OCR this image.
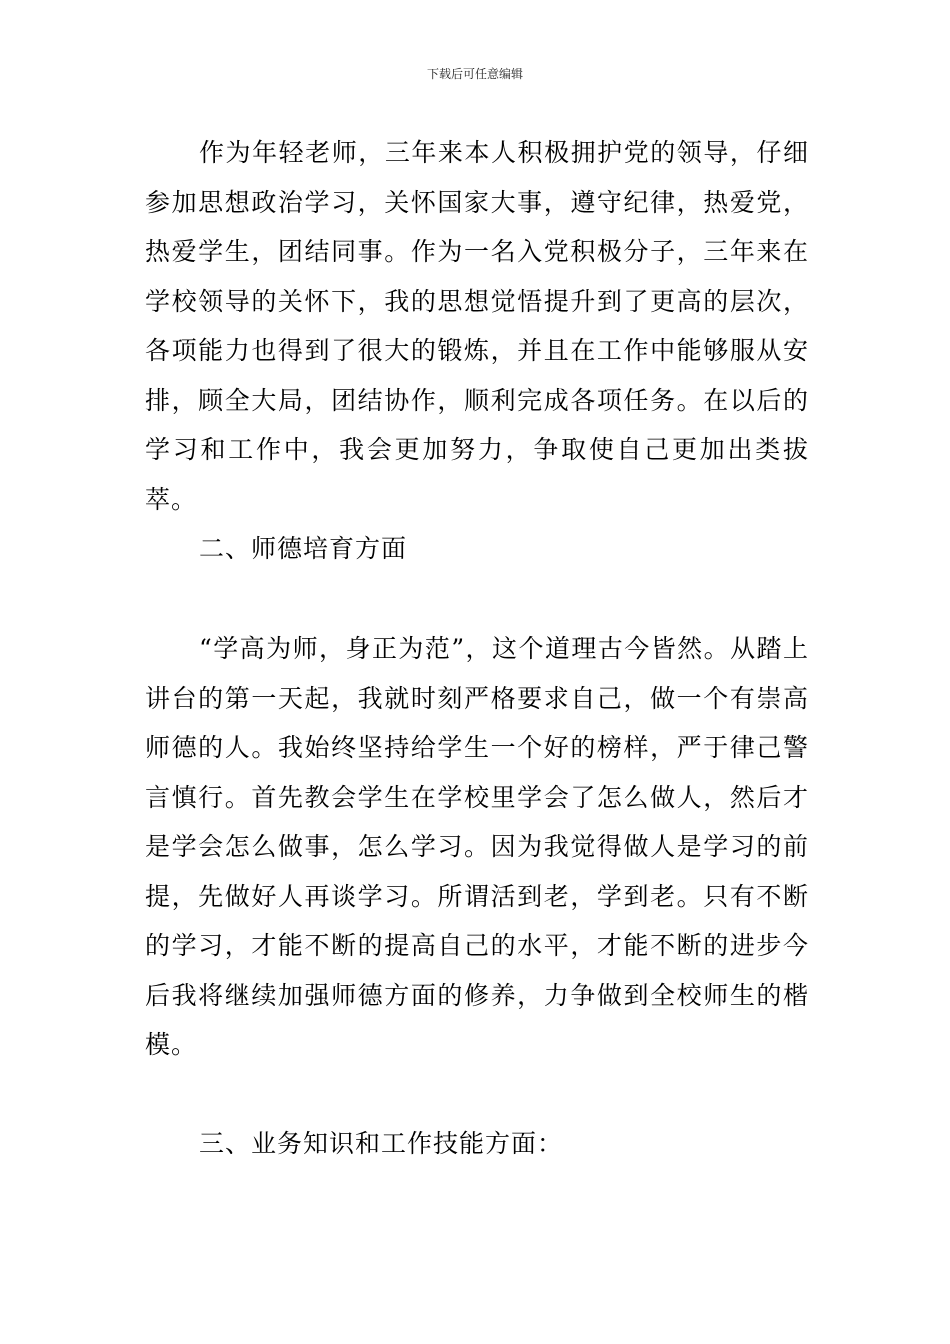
下载后可任意编辑

作为年轻老师，三年来本人积极拥护党的领导，仔细参加思想政治学习，关怀国家大事，遵守纪律，热爱党，热爱学生，团结同事。作为一名入党积极分子，三年来在学校领导的关怀下，我的思想觉悟提升到了更高的层次，各项能力也得到了很大的锻炼，并且在工作中能够服从安排，顾全大局，团结协作，顺利完成各项任务。在以后的学习和工作中，我会更加努力，争取使自己更加出类拔萃。

二、师德培育方面

“学高为师，身正为范”，这个道理古今皆然。从踏上讲台的第一天起，我就时刻严格要求自己，做一个有崇高师德的人。我始终坚持给学生一个好的榜样，严于律己警言慎行。首先教会学生在学校里学会了怎么做人，然后才是学会怎么做事，怎么学习。因为我觉得做人是学习的前提，先做好人再谈学习。所谓活到老，学到老。只有不断的学习，才能不断的提高自己的水平，才能不断的进步今后我将继续加强师德方面的修养，力争做到全校师生的楷模。

三、业务知识和工作技能方面：
